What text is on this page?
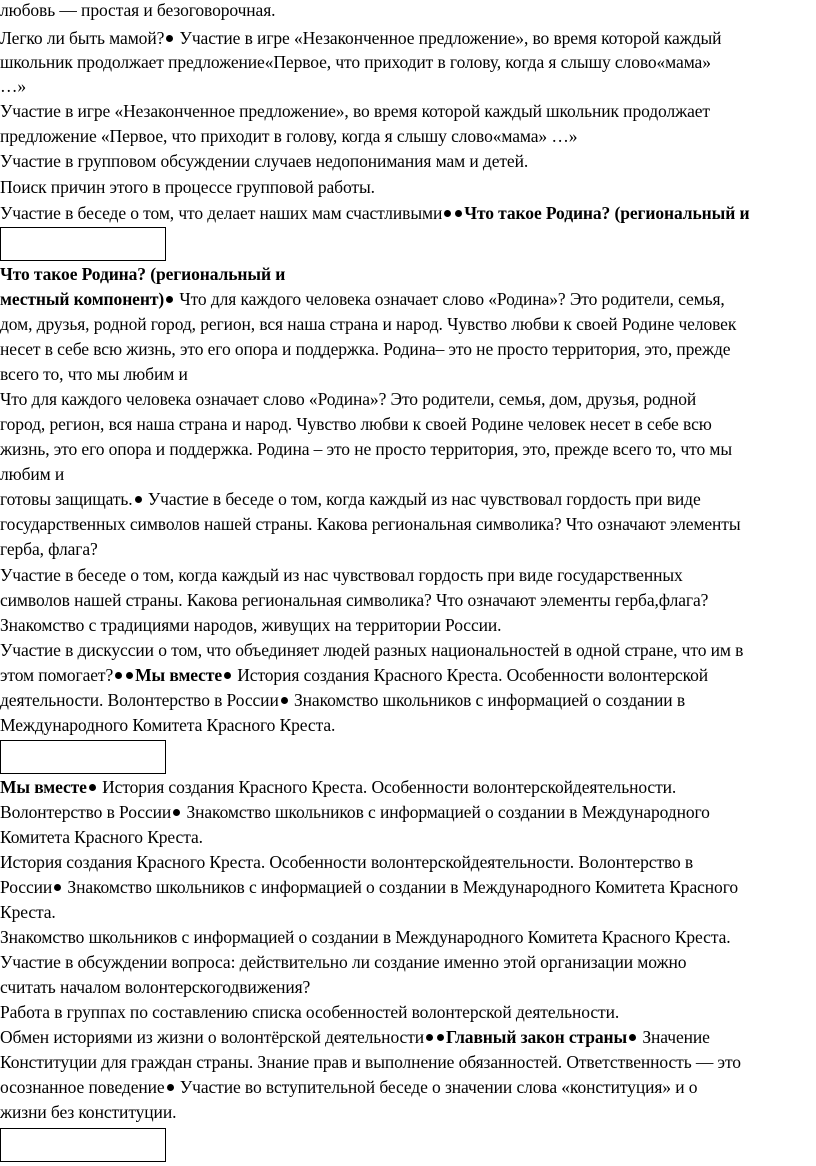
любовь — простая и безоговорочная.
Легко ли быть мамой? Участие в игре «Незаконченное предложение», во время которой каждый
школьник продолжает предложение«Первое, что приходит в голову, когда я слышу слово«мама»
…»
Участие в игре «Незаконченное предложение», во время которой каждый школьник продолжает
предложение «Первое, что приходит в голову, когда я слышу слово«мама» …»
Участие в групповом обсуждении случаев недопонимания мам и детей.
Поиск причин этого в процессе групповой работы.
Участие в беседе о том, что делает наших мам счастливыми Что такое Родина? (региональный и
Что такое Родина? (региональный и
местный компонент) Что для каждого человека означает слово «Родина»? Это родители, семья,
дом, друзья, родной город, регион, вся наша страна и народ. Чувство любви к своей Родине человек
несет в себе всю жизнь, это его опора и поддержка. Родина– это не просто территория, это, прежде
всего то, что мы любим и
Что для каждого человека означает слово «Родина»? Это родители, семья, дом, друзья, родной
город, регион, вся наша страна и народ. Чувство любви к своей Родине человек несет в себе всю
жизнь, это его опора и поддержка. Родина – это не просто территория, это, прежде всего то, что мы
любим и
готовы защищать. Участие в беседе о том, когда каждый из нас чувствовал гордость при виде
государственных символов нашей страны. Какова региональная символика? Что означают элементы
герба, флага?
Участие в беседе о том, когда каждый из нас чувствовал гордость при виде государственных
символов нашей страны. Какова региональная символика? Что означают элементы герба,флага?
Знакомство с традициями народов, живущих на территории России.
Участие в дискуссии о том, что объединяет людей разных национальностей в одной стране, что им в
этом помогает? Мы вместе История создания Красного Креста. Особенности волонтерской
деятельности. Волонтерство в России Знакомство школьников с информацией о создании в
Международного Комитета Красного Креста.
Мы вместе История создания Красного Креста. Особенности волонтерскойдеятельности.
Волонтерство в России Знакомство школьников с информацией о создании в Международного
Комитета Красного Креста.
История создания Красного Креста. Особенности волонтерскойдеятельности. Волонтерство в
России Знакомство школьников с информацией о создании в Международного Комитета Красного
Креста.
Знакомство школьников с информацией о создании в Международного Комитета Красного Креста.
Участие в обсуждении вопроса: действительно ли создание именно этой организации можно
считать началом волонтерскогодвижения?
Работа в группах по составлению списка особенностей волонтерской деятельности.
Обмен историями из жизни о волонтёрской деятельности Главный закон страны Значение
Конституции для граждан страны. Знание прав и выполнение обязанностей. Ответственность — это
осознанное поведение Участие во вступительной беседе о значении слова «конституция» и о
жизни без конституции.
